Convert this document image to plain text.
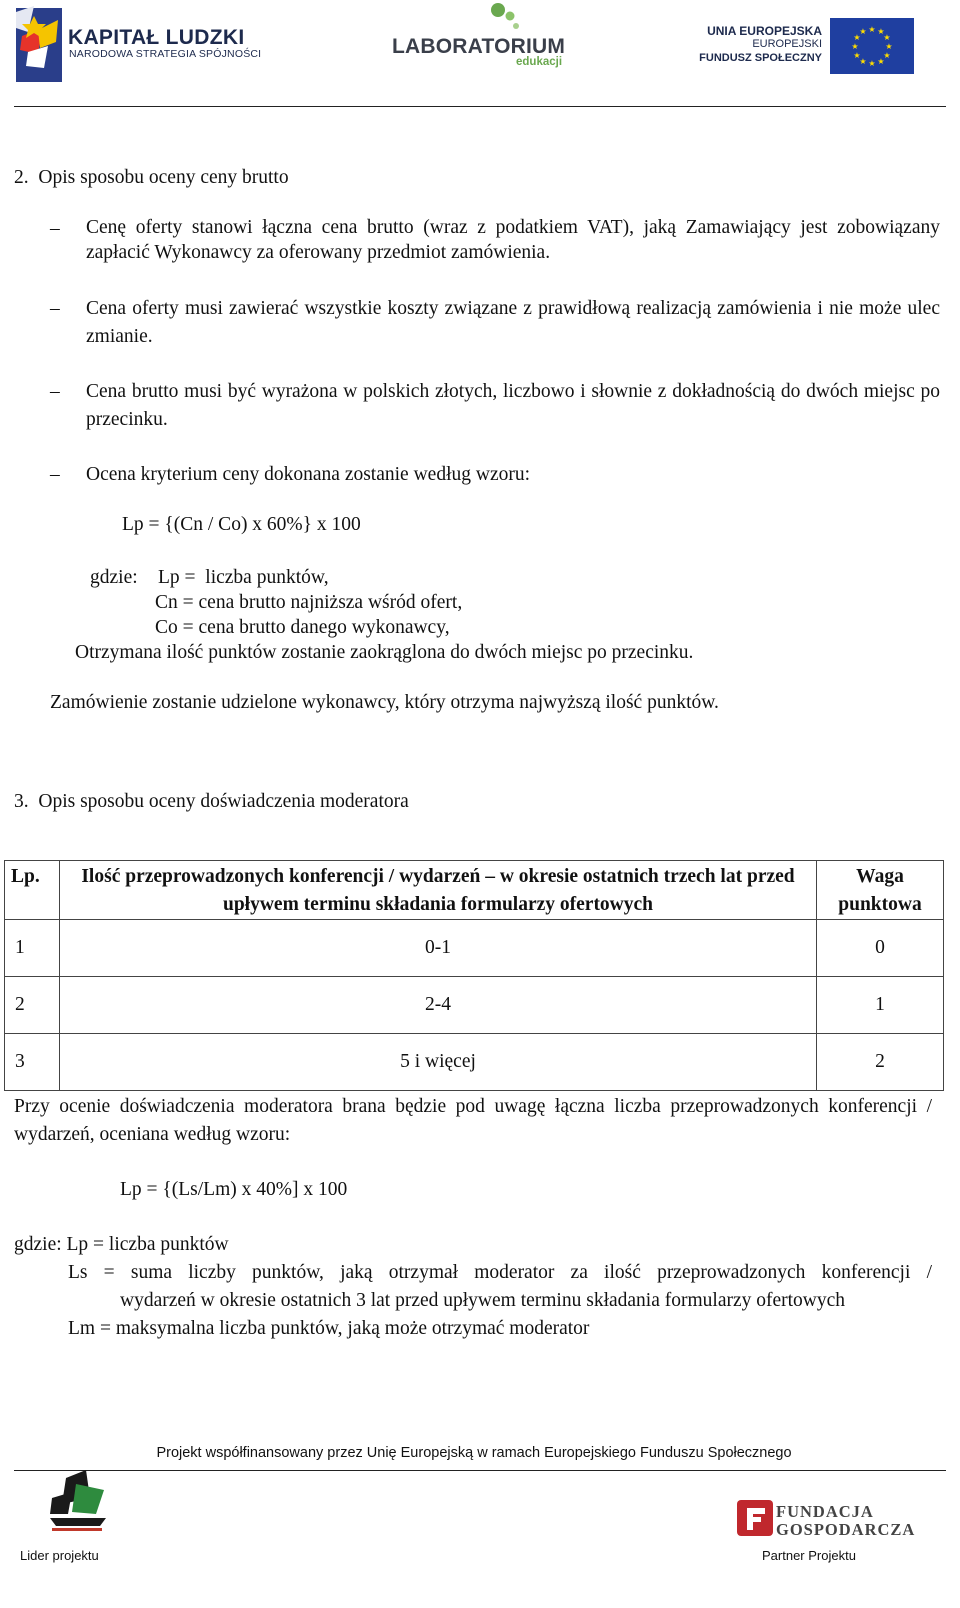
KAPITAŁ LUDZKI
NARODOWA STRATEGIA SPÓJNOŚCI	LABORATORIUM
edukacji
UNIA EUROPEJSKA
EUROPEJSKI
FUNDUSZ SPOŁECZNY
★ ★
★
★
★
★
★
★
★
★
★
★
2.  Opis sposobu oceny ceny brutto
–	Cenę oferty stanowi łączna cena brutto (wraz z podatkiem VAT), jaką Zamawiający jest zobowiązany zapłacić Wykonawcy za oferowany przedmiot zamówienia.
–	Cena oferty musi zawierać wszystkie koszty związane z prawidłową realizacją zamówienia i nie może ulec zmianie.
–	Cena brutto musi być wyrażona w polskich złotych, liczbowo i słownie z dokładnością do dwóch miejsc po przecinku.
–	Ocena kryterium ceny dokonana zostanie według wzoru:
Lp = {(Cn / Co) x 60%} x 100
gdzie: Lp =  liczba punktów,
Cn = cena brutto najniższa wśród ofert,
Co = cena brutto danego wykonawcy,
Otrzymana ilość punktów zostanie zaokrąglona do dwóch miejsc po przecinku.
Zamówienie zostanie udzielone wykonawcy, który otrzyma najwyższą ilość punktów.
3.  Opis sposobu oceny doświadczenia moderatora
Lp.	Ilość przeprowadzonych konferencji / wydarzeń – w okresie ostatnich trzech lat przed upływem terminu składania formularzy ofertowych	Waga punktowa
1	0-1	0
2	2-4	1
3	5 i więcej	2
Przy ocenie doświadczenia moderatora brana będzie pod uwagę łączna liczba przeprowadzonych konferencji / wydarzeń, oceniana według wzoru:
Lp = {(Ls/Lm) x 40%] x 100
gdzie: Lp = liczba punktów
Ls = suma liczby punktów, jaką otrzymał moderator za ilość przeprowadzonych konferencji /
wydarzeń w okresie ostatnich 3 lat przed upływem terminu składania formularzy ofertowych
Lm = maksymalna liczba punktów, jaką może otrzymać moderator
Projekt współfinansowany przez Unię Europejską w ramach Europejskiego Funduszu Społecznego
Lider projektu
FUNDACJA
GOSPODARCZA
Partner Projektu
